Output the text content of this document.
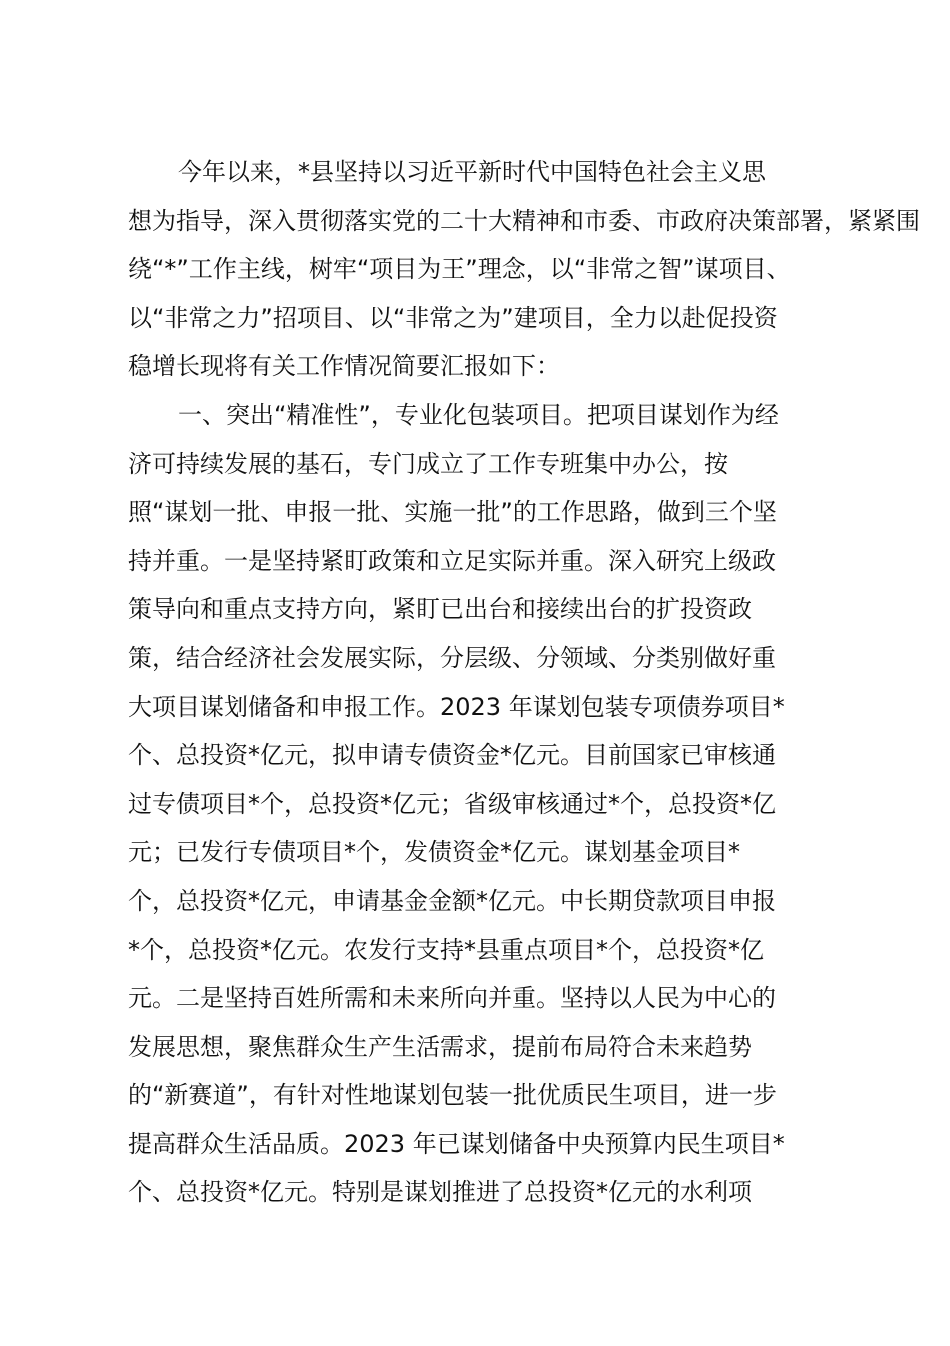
今年以来，*县坚持以习近平新时代中国特色社会主义思
想为指导，深入贯彻落实党的二十大精神和市委、市政府决策部署，紧紧围
绕“*”工作主线，树牢“项目为王”理念，以“非常之智”谋项目、
以“非常之力”招项目、以“非常之为”建项目，全力以赴促投资
稳增长现将有关工作情况简要汇报如下：
一、突出“精准性”，专业化包装项目。把项目谋划作为经
济可持续发展的基石，专门成立了工作专班集中办公，按
照“谋划一批、申报一批、实施一批”的工作思路，做到三个坚
持并重。一是坚持紧盯政策和立足实际并重。深入研究上级政
策导向和重点支持方向，紧盯已出台和接续出台的扩投资政
策，结合经济社会发展实际，分层级、分领域、分类别做好重
大项目谋划储备和申报工作。2023 年谋划包装专项债券项目*
个、总投资*亿元，拟申请专债资金*亿元。目前国家已审核通
过专债项目*个，总投资*亿元；省级审核通过*个，总投资*亿
元；已发行专债项目*个，发债资金*亿元。谋划基金项目*
个，总投资*亿元，申请基金金额*亿元。中长期贷款项目申报
*个，总投资*亿元。农发行支持*县重点项目*个，总投资*亿
元。二是坚持百姓所需和未来所向并重。坚持以人民为中心的
发展思想，聚焦群众生产生活需求，提前布局符合未来趋势
的“新赛道”，有针对性地谋划包装一批优质民生项目，进一步
提高群众生活品质。2023 年已谋划储备中央预算内民生项目*
个、总投资*亿元。特别是谋划推进了总投资*亿元的水利项
